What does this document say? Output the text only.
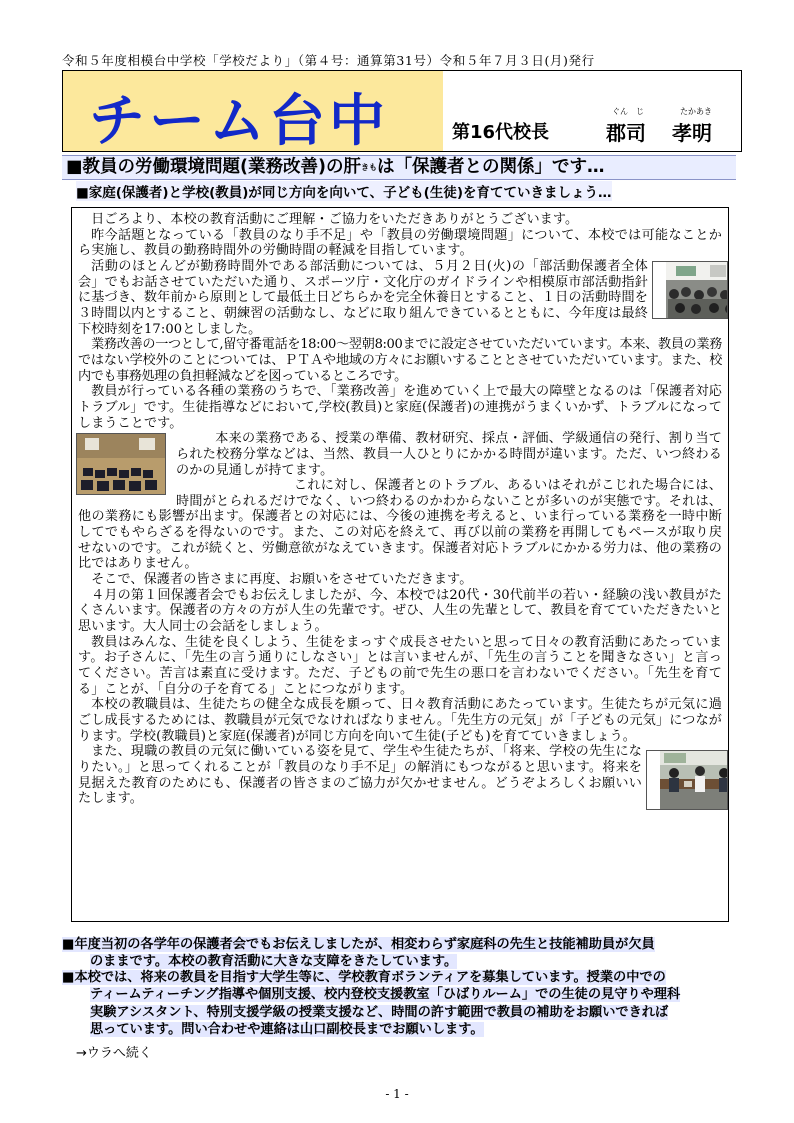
令和５年度相模台中学校「学校だより」（第４号：通算第31号）令和５年７月３日(月)発行
チーム台中	第16代校長
ぐん　じ	たかあき
郡司 孝明
■教員の労働環境問題(業務改善)の肝きもは「保護者との関係」です…
■家庭(保護者)と学校(教員)が同じ方向を向いて、子ども(生徒)を育てていきましょう…

日ごろより、本校の教育活動にご理解・ご協力をいただきありがとうございます。

昨今話題となっている「教員のなり手不足」や「教員の労働環境問題」について、本校では可能なことから実施し、教員の勤務時間外の労働時間の軽減を目指しています。

活動のほとんどが勤務時間外である部活動については、５月２日(火)の「部活動保護者全体会」でもお話させていただいた通り、スポーツ庁・文化庁のガイドラインや相模原市部活動指針に基づき、数年前から原則として最低土日どちらかを完全休養日とすること、１日の活動時間を３時間以内とすること、朝練習の活動なし、などに取り組んできているとともに、今年度は最終下校時刻を17:00としました。

業務改善の一つとして,留守番電話を18:00～翌朝8:00までに設定させていただいています。本来、教員の業務ではない学校外のことについては、ＰＴＡや地域の方々にお願いすることとさせていただいています。また、校内でも事務処理の負担軽減などを図っているところです。

教員が行っている各種の業務のうちで、「業務改善」を進めていく上で最大の障壁となるのは「保護者対応トラブル」です。生徒指導などにおいて,学校(教員)と家庭(保護者)の連携がうまくいかず、トラブルになってしまうことです。

本来の業務である、授業の準備、教材研究、採点・評価、学級通信の発行、割り当てられた校務分掌などは、当然、教員一人ひとりにかかる時間が違います。ただ、いつ終わるのかの見通しが持てます。

これに対し、保護者とのトラブル、あるいはそれがこじれた場合には、時間がとられるだけでなく、いつ終わるのかわからないことが多いのが実態です。それは、他の業務にも影響が出ます。保護者との対応には、今後の連携を考えると、いま行っている業務を一時中断してでもやらざるを得ないのです。また、この対応を終えて、再び以前の業務を再開してもペースが取り戻せないのです。これが続くと、労働意欲がなえていきます。保護者対応トラブルにかかる労力は、他の業務の比ではありません。

そこで、保護者の皆さまに再度、お願いをさせていただきます。

４月の第１回保護者会でもお伝えしましたが、今、本校では20代・30代前半の若い・経験の浅い教員がたくさんいます。保護者の方々の方が人生の先輩です。ぜひ、人生の先輩として、教員を育てていただきたいと思います。大人同士の会話をしましょう。

教員はみんな、生徒を良くしよう、生徒をまっすぐ成長させたいと思って日々の教育活動にあたっています。お子さんに、「先生の言う通りにしなさい」とは言いませんが、「先生の言うことを聞きなさい」と言ってください。苦言は素直に受けます。ただ、子どもの前で先生の悪口を言わないでください。「先生を育てる」ことが、「自分の子を育てる」ことにつながります。

本校の教職員は、生徒たちの健全な成長を願って、日々教育活動にあたっています。生徒たちが元気に過ごし成長するためには、教職員が元気でなければなりません。「先生方の元気」が「子どもの元気」につながります。学校(教職員)と家庭(保護者)が同じ方向を向いて生徒(子ども)を育てていきましょう。

また、現職の教員の元気に働いている姿を見て、学生や生徒たちが、「将来、学校の先生になりたい。」と思ってくれることが「教員のなり手不足」の解消にもつながると思います。将来を見据えた教育のためにも、保護者の皆さまのご協力が欠かせません。どうぞよろしくお願いいたします。

■年度当初の各学年の保護者会でもお伝えしましたが、相変わらず家庭科の先生と技能補助員が欠員
のままです。本校の教育活動に大きな支障をきたしています。
■本校では、将来の教員を目指す大学生等に、学校教育ボランティアを募集しています。授業の中での
ティームティーチング指導や個別支援、校内登校支援教室「ひばりルーム」での生徒の見守りや理科
実験アシスタント、特別支援学級の授業支援など、時間の許す範囲で教員の補助をお願いできれば
思っています。問い合わせや連絡は山口副校長までお願いします。
→ウラへ続く
- 1 -
